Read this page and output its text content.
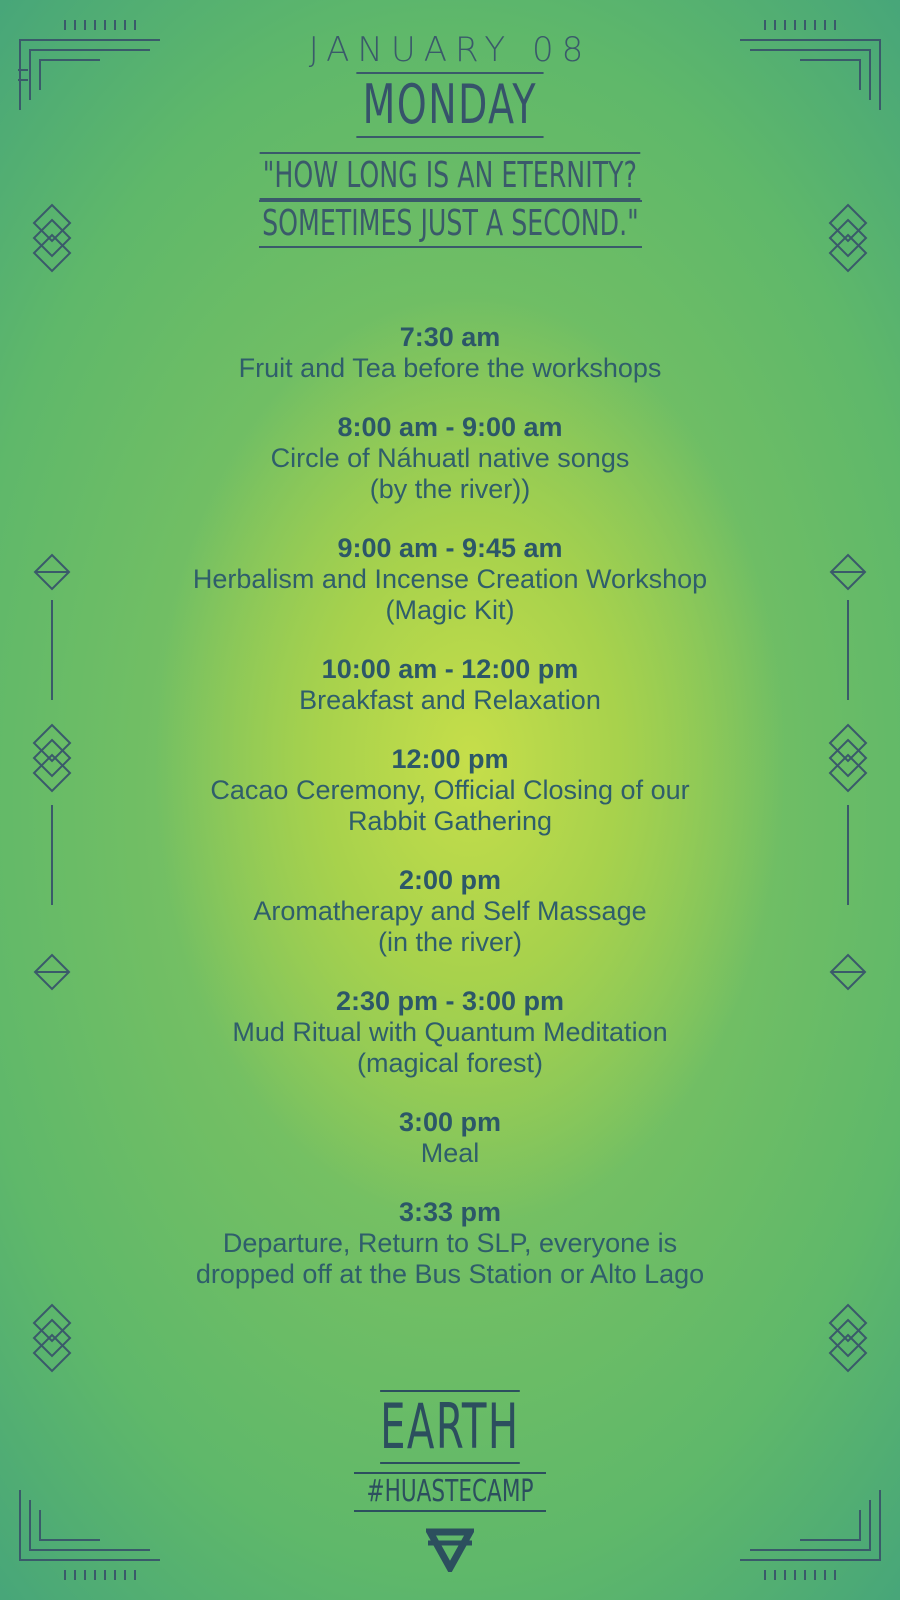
JANUARY 08
MONDAY
"HOW LONG IS AN ETERNITY?
SOMETIMES JUST A SECOND."
7:30 am
Fruit and Tea before the workshops
8:00 am - 9:00 am
Circle of Náhuatl native songs
(by the river))
9:00 am - 9:45 am
Herbalism and Incense Creation Workshop
(Magic Kit)
10:00 am - 12:00 pm
Breakfast and Relaxation
12:00 pm
Cacao Ceremony, Official Closing of our
Rabbit Gathering
2:00 pm
Aromatherapy and Self Massage
(in the river)
2:30 pm - 3:00 pm
Mud Ritual with Quantum Meditation
(magical forest)
3:00 pm
Meal
3:33 pm
Departure, Return to SLP, everyone is
dropped off at the Bus Station or Alto Lago
EARTH
#HUASTECAMP
